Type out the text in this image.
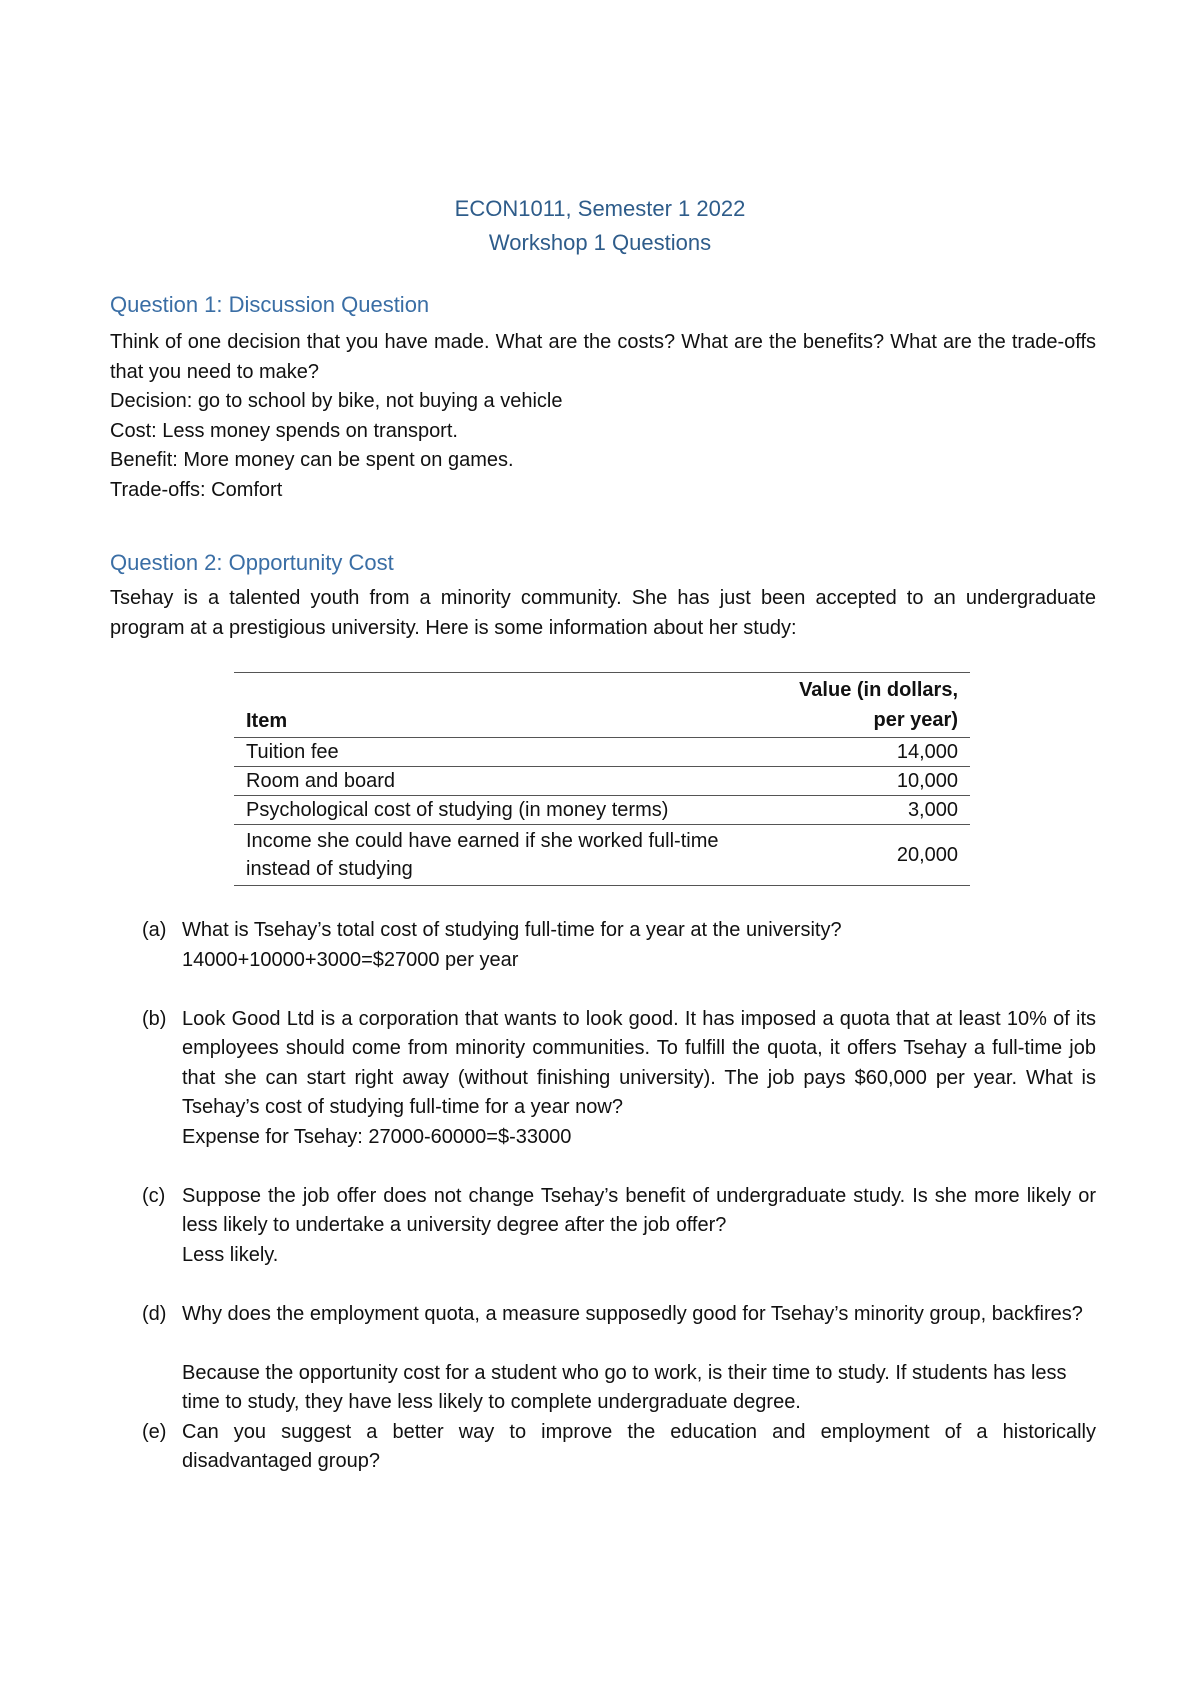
ECON1011, Semester 1 2022
Workshop 1 Questions
Question 1: Discussion Question
Think of one decision that you have made. What are the costs? What are the benefits? What are the trade-offs that you need to make?
Decision: go to school by bike, not buying a vehicle
Cost: Less money spends on transport.
Benefit: More money can be spent on games.
Trade-offs: Comfort
Question 2: Opportunity Cost
Tsehay is a talented youth from a minority community. She has just been accepted to an undergraduate program at a prestigious university. Here is some information about her study:
Item	Value (in dollars, per year)
Tuition fee	14,000
Room and board	10,000
Psychological cost of studying (in money terms)	3,000
Income she could have earned if she worked full-time instead of studying	20,000
(a) What is Tsehay’s total cost of studying full-time for a year at the university?
14000+10000+3000=$27000 per year
(b) Look Good Ltd is a corporation that wants to look good. It has imposed a quota that at least 10% of its employees should come from minority communities. To fulfill the quota, it offers Tsehay a full-time job that she can start right away (without finishing university). The job pays $60,000 per year. What is Tsehay’s cost of studying full-time for a year now?
Expense for Tsehay: 27000-60000=$-33000
(c) Suppose the job offer does not change Tsehay’s benefit of undergraduate study. Is she more likely or less likely to undertake a university degree after the job offer?
Less likely.
(d) Why does the employment quota, a measure supposedly good for Tsehay’s minority group, backfires?
Because the opportunity cost for a student who go to work, is their time to study. If students has less time to study, they have less likely to complete undergraduate degree.
(e) Can you suggest a better way to improve the education and employment of a historically disadvantaged group?
